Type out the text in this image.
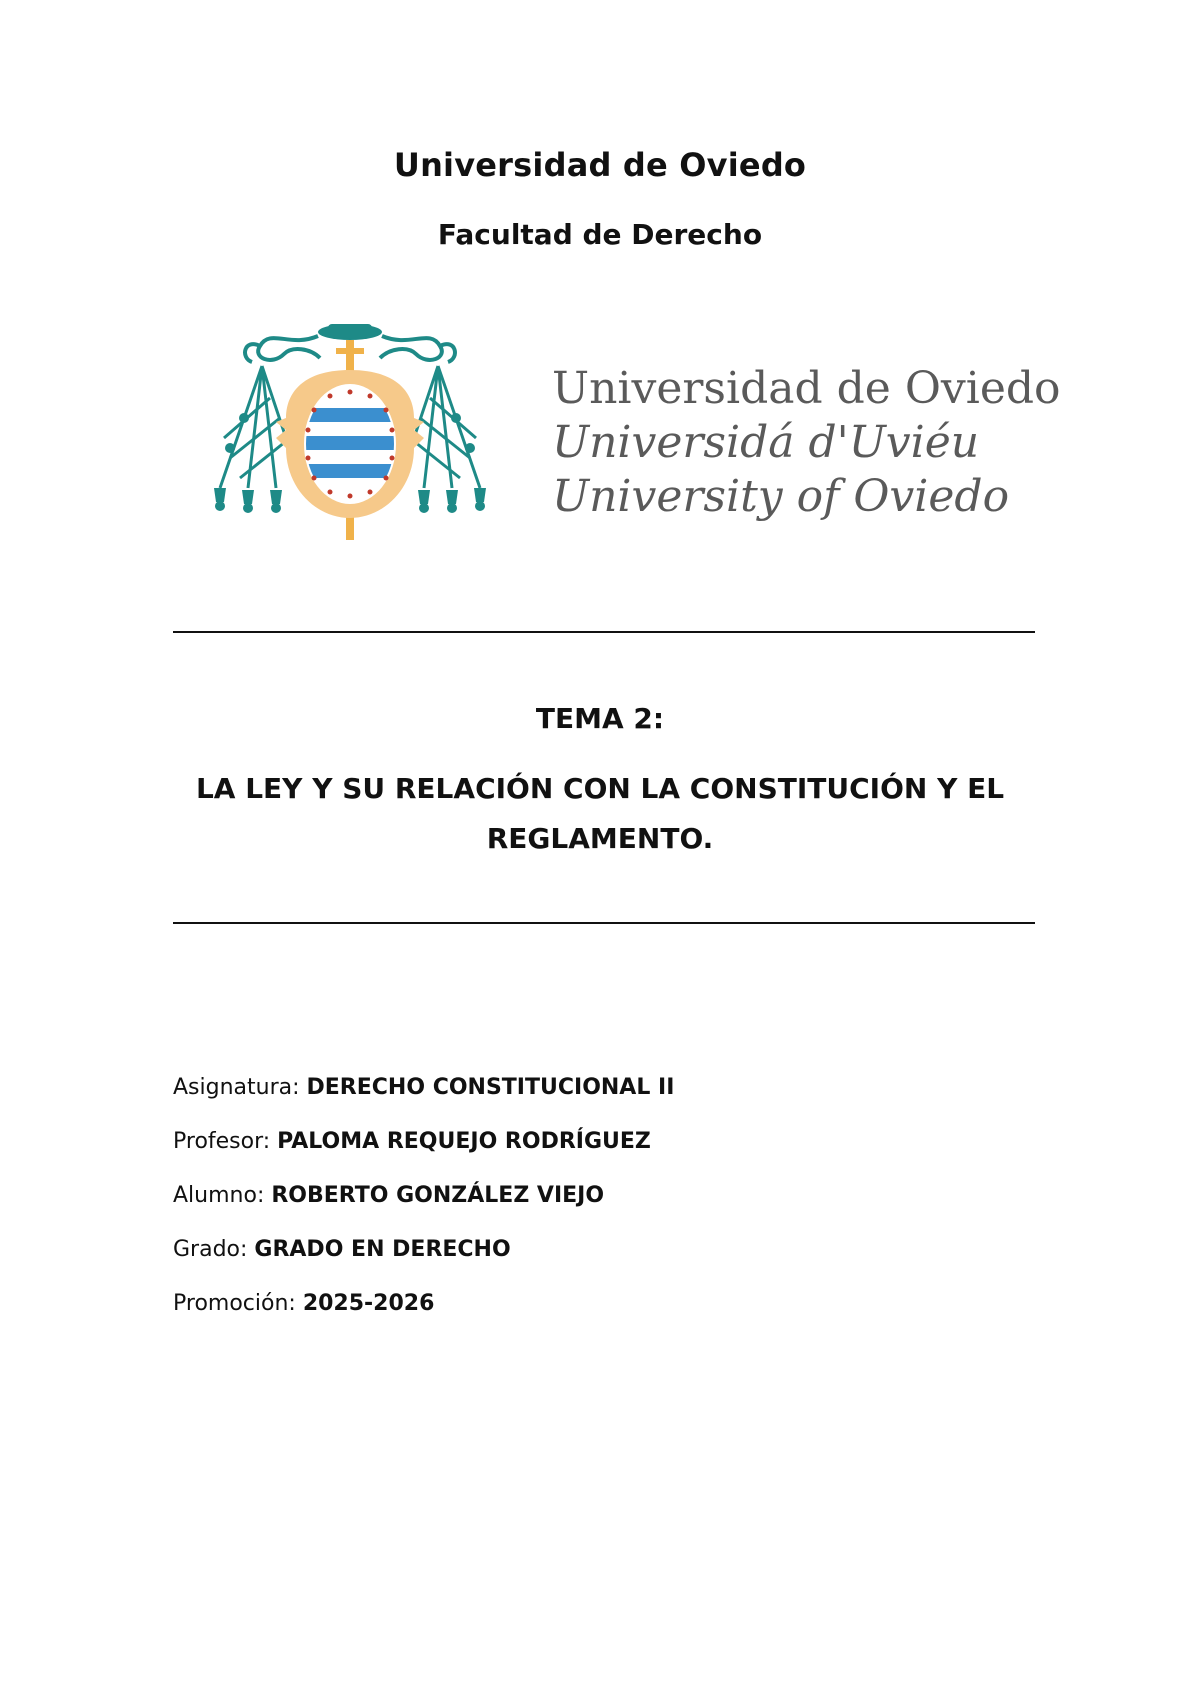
Universidad de Oviedo
Facultad de Derecho
Universidad de Oviedo
Universidá d'Uviéu
University of Oviedo
TEMA 2:
LA LEY Y SU RELACIÓN CON LA CONSTITUCIÓN Y EL
REGLAMENTO.
Asignatura: DERECHO CONSTITUCIONAL II
Profesor: PALOMA REQUEJO RODRÍGUEZ
Alumno: ROBERTO GONZÁLEZ VIEJO
Grado: GRADO EN DERECHO
Promoción: 2025-2026
